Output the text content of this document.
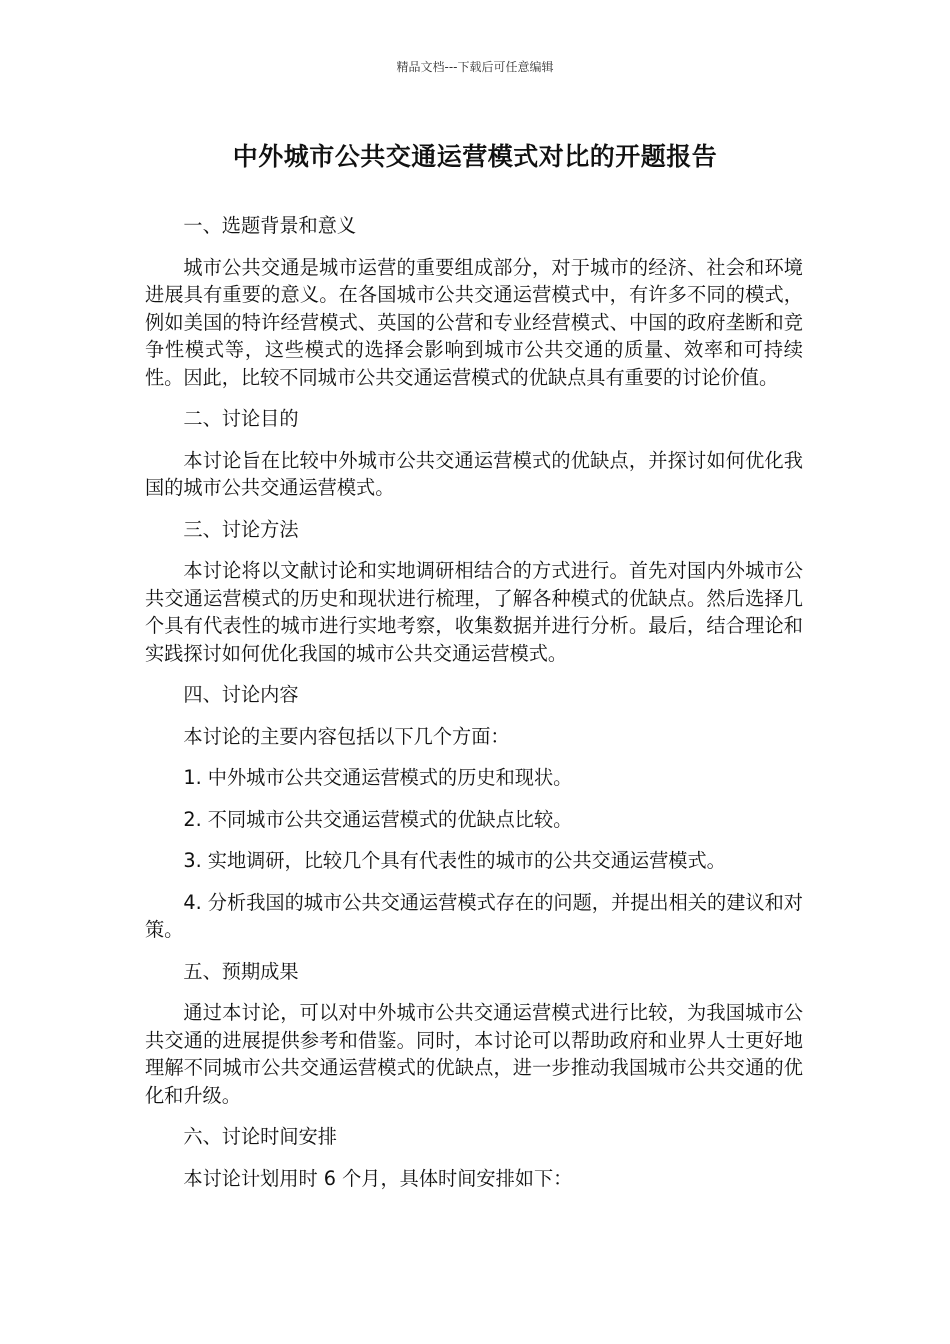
精品文档---下载后可任意编辑
中外城市公共交通运营模式对比的开题报告

一、选题背景和意义

城市公共交通是城市运营的重要组成部分，对于城市的经济、社会和环境进展具有重要的意义。在各国城市公共交通运营模式中，有许多不同的模式，例如美国的特许经营模式、英国的公营和专业经营模式、中国的政府垄断和竞争性模式等，这些模式的选择会影响到城市公共交通的质量、效率和可持续性。因此，比较不同城市公共交通运营模式的优缺点具有重要的讨论价值。

二、讨论目的

本讨论旨在比较中外城市公共交通运营模式的优缺点，并探讨如何优化我国的城市公共交通运营模式。

三、讨论方法

本讨论将以文献讨论和实地调研相结合的方式进行。首先对国内外城市公共交通运营模式的历史和现状进行梳理，了解各种模式的优缺点。然后选择几个具有代表性的城市进行实地考察，收集数据并进行分析。最后，结合理论和实践探讨如何优化我国的城市公共交通运营模式。

四、讨论内容

本讨论的主要内容包括以下几个方面：

1. 中外城市公共交通运营模式的历史和现状。

2. 不同城市公共交通运营模式的优缺点比较。

3. 实地调研，比较几个具有代表性的城市的公共交通运营模式。

4. 分析我国的城市公共交通运营模式存在的问题，并提出相关的建议和对策。

五、预期成果

通过本讨论，可以对中外城市公共交通运营模式进行比较，为我国城市公共交通的进展提供参考和借鉴。同时，本讨论可以帮助政府和业界人士更好地理解不同城市公共交通运营模式的优缺点，进一步推动我国城市公共交通的优化和升级。

六、讨论时间安排

本讨论计划用时 6 个月，具体时间安排如下：
